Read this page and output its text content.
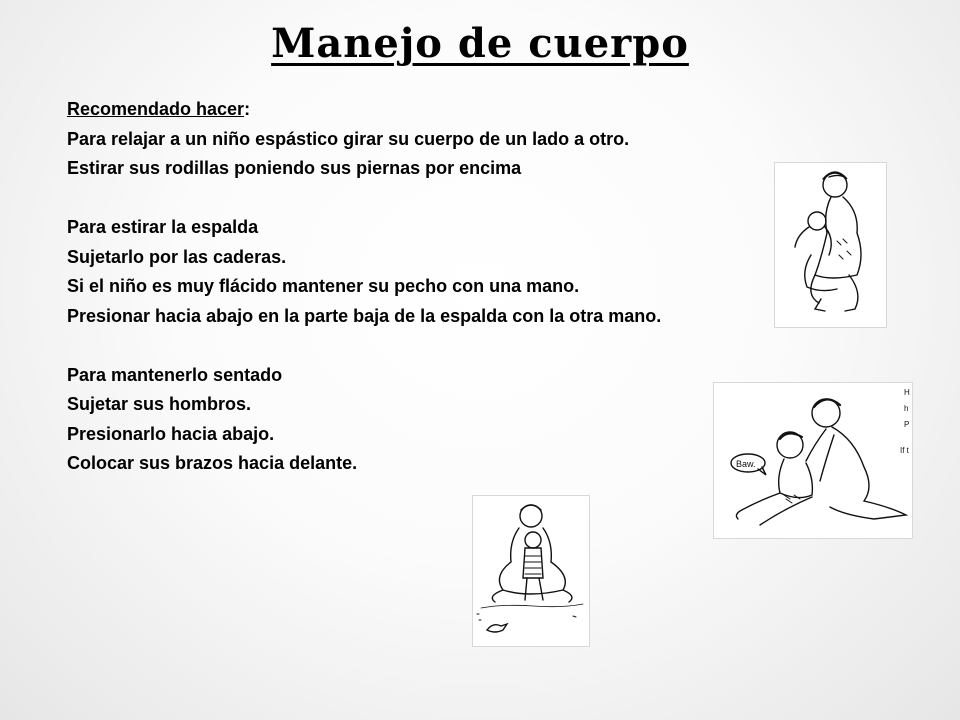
Manejo de cuerpo
Recomendado hacer:
Para relajar a un niño espástico girar su cuerpo de un lado a otro.
Estirar sus rodillas poniendo sus piernas por encima
Para estirar la espalda
Sujetarlo por las caderas.
Si el niño es muy flácido mantener su pecho con una mano.
Presionar hacia abajo en la parte baja de la espalda con la otra mano.
Para mantenerlo sentado
Sujetar sus hombros.
Presionarlo hacia abajo.
Colocar sus brazos hacia delante.	Baw.
H
h
P
If t
